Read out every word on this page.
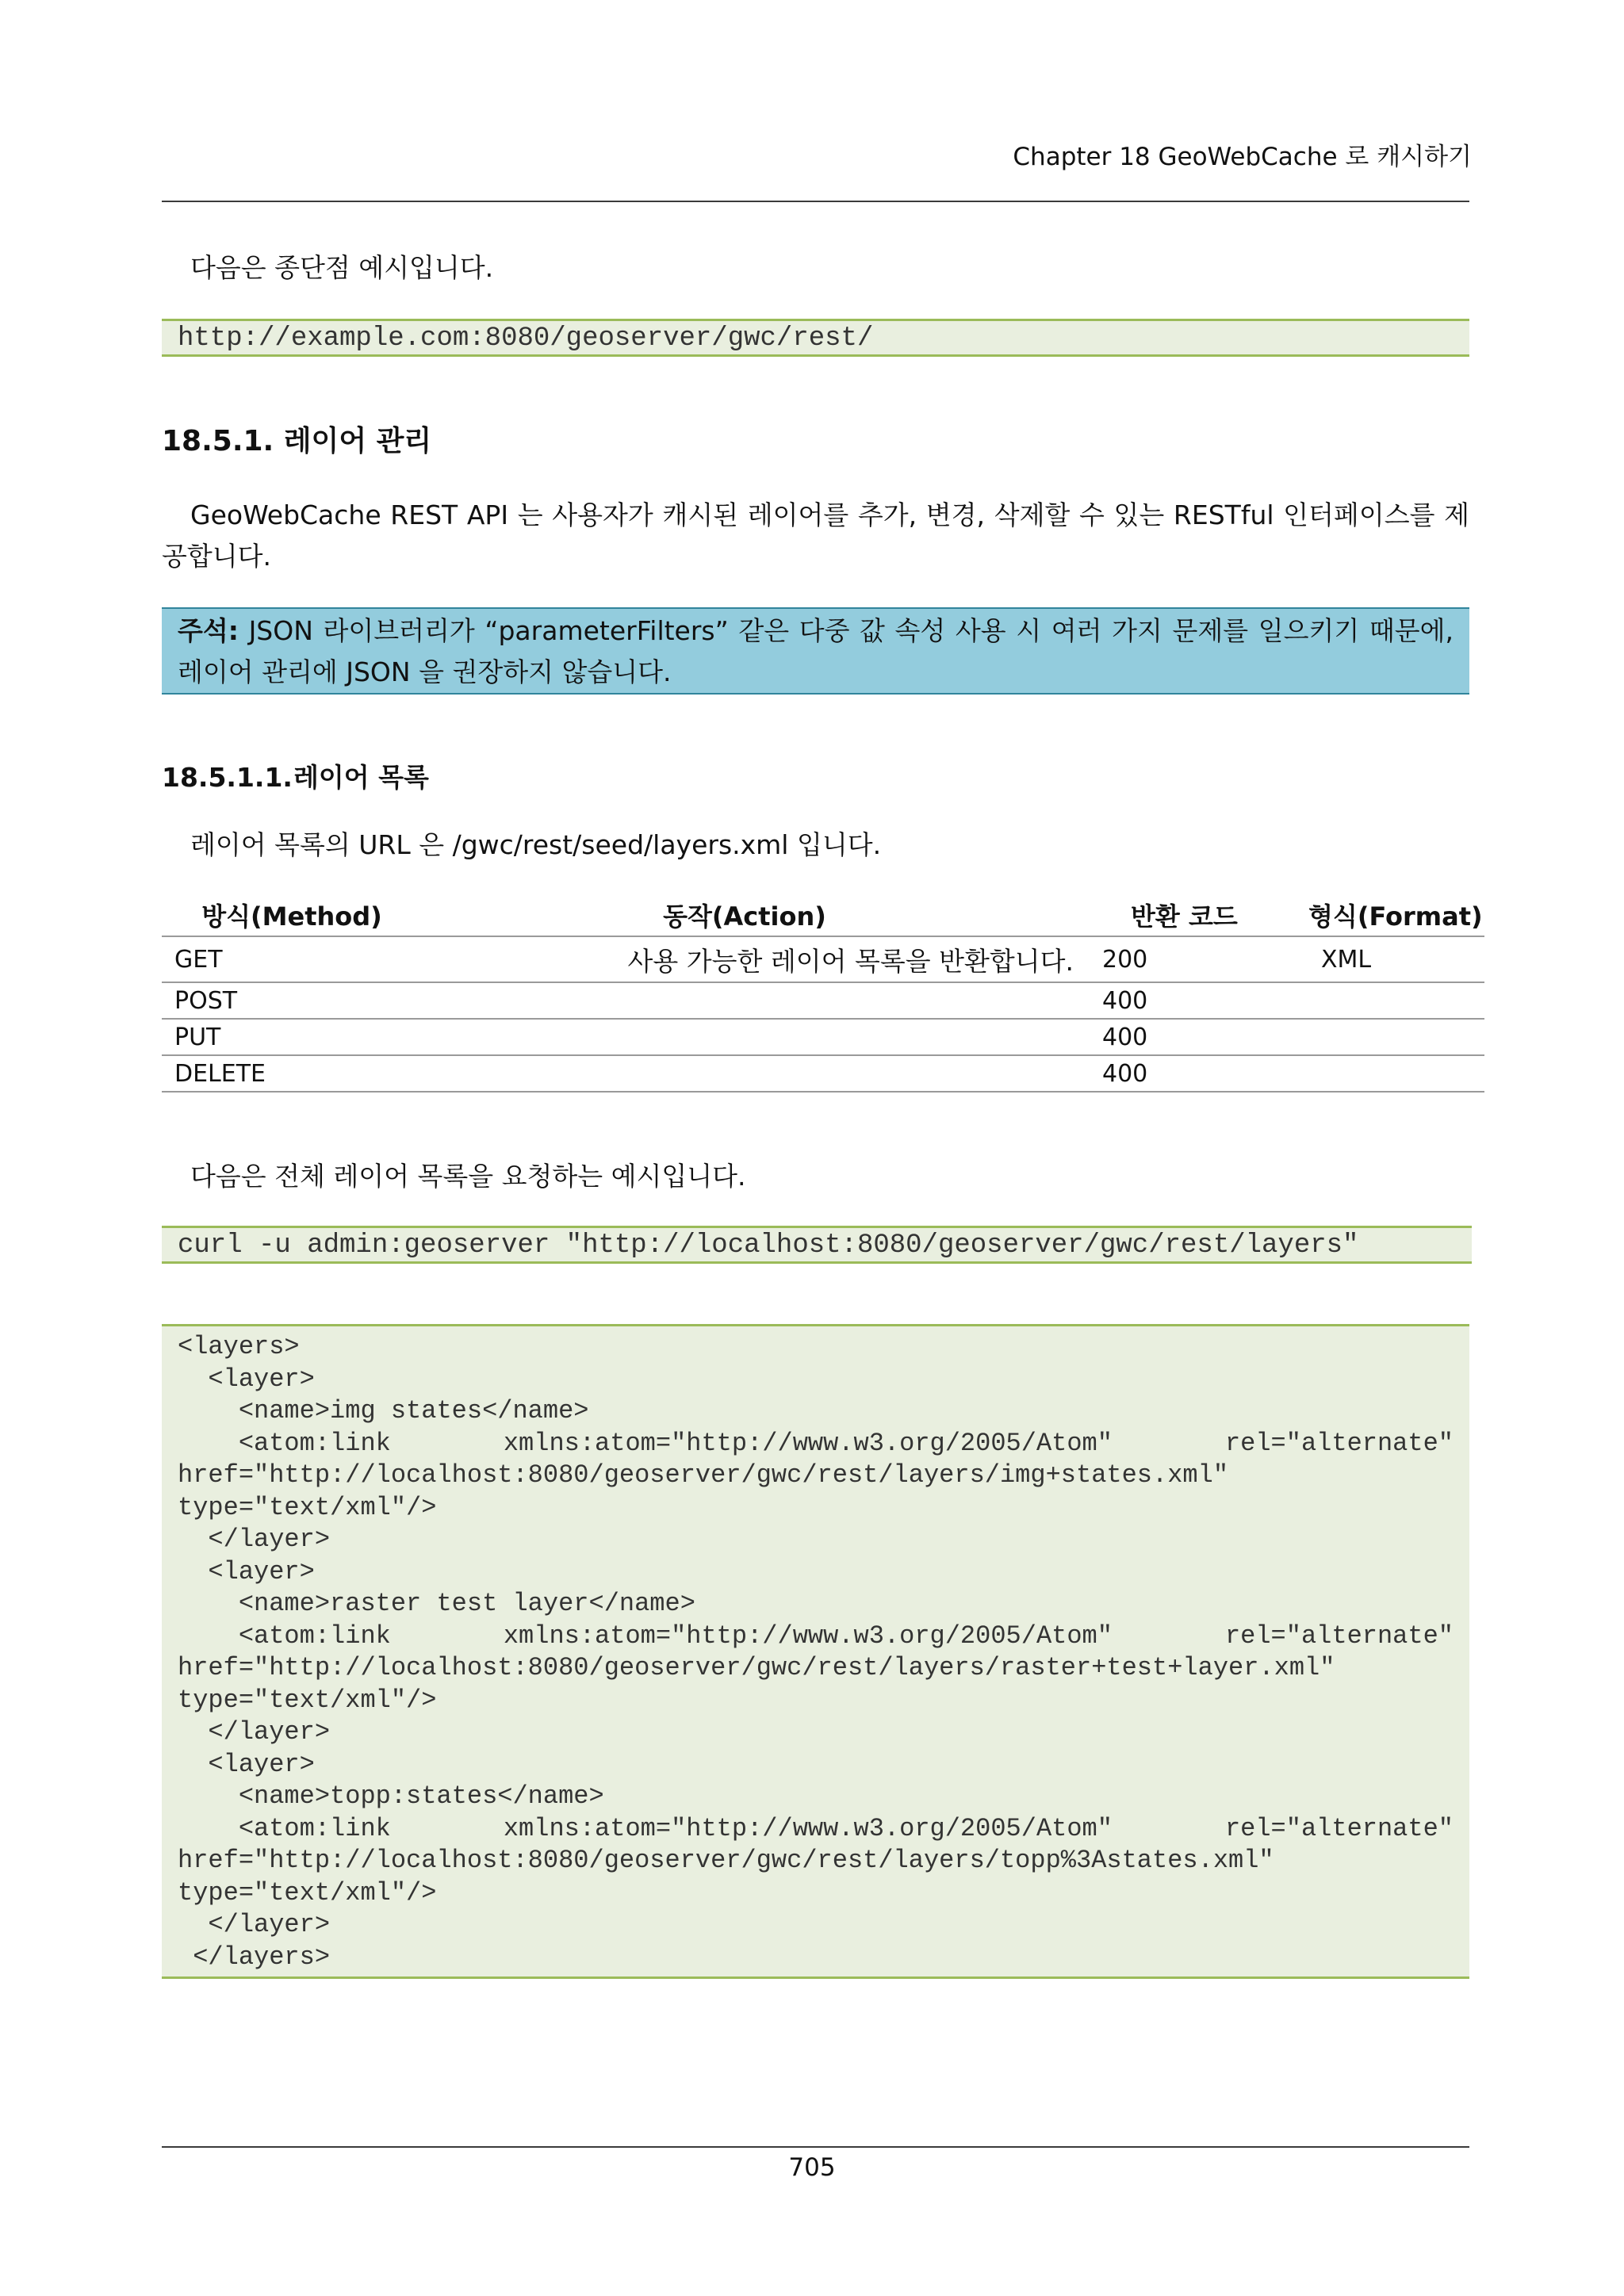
Chapter 18 GeoWebCache 로 캐시하기
다음은 종단점 예시입니다.
http://example.com:8080/geoserver/gwc/rest/
18.5.1. 레이어 관리
GeoWebCache REST API 는 사용자가 캐시된 레이어를 추가, 변경, 삭제할 수 있는 RESTful 인터페이스를 제공합니다.
주석: JSON 라이브러리가 “parameterFilters” 같은 다중 값 속성 사용 시 여러 가지 문제를 일으키기 때문에, 레이어 관리에 JSON 을 권장하지 않습니다.
18.5.1.1.레이어 목록
레이어 목록의 URL 은 /gwc/rest/seed/layers.xml 입니다.
방식(Method)	동작(Action)	반환 코드	형식(Format)
GET	사용 가능한 레이어 목록을 반환합니다.	200	XML
POST		400	
PUT		400	
DELETE		400	
다음은 전체 레이어 목록을 요청하는 예시입니다.
curl -u admin:geoserver "http://localhost:8080/geoserver/gwc/rest/layers"
<layers>
<layer>
<name>img states</name>
<atom:link	xmlns:atom="http://www.w3.org/2005/Atom"	rel="alternate"
href="http://localhost:8080/geoserver/gwc/rest/layers/img+states.xml"
type="text/xml"/>
</layer>
<layer>
<name>raster test layer</name>
<atom:link	xmlns:atom="http://www.w3.org/2005/Atom"	rel="alternate"
href="http://localhost:8080/geoserver/gwc/rest/layers/raster+test+layer.xml"
type="text/xml"/>
</layer>
<layer>
<name>topp:states</name>
<atom:link	xmlns:atom="http://www.w3.org/2005/Atom"	rel="alternate"
href="http://localhost:8080/geoserver/gwc/rest/layers/topp%3Astates.xml"
type="text/xml"/>
</layer>
</layers>
705
